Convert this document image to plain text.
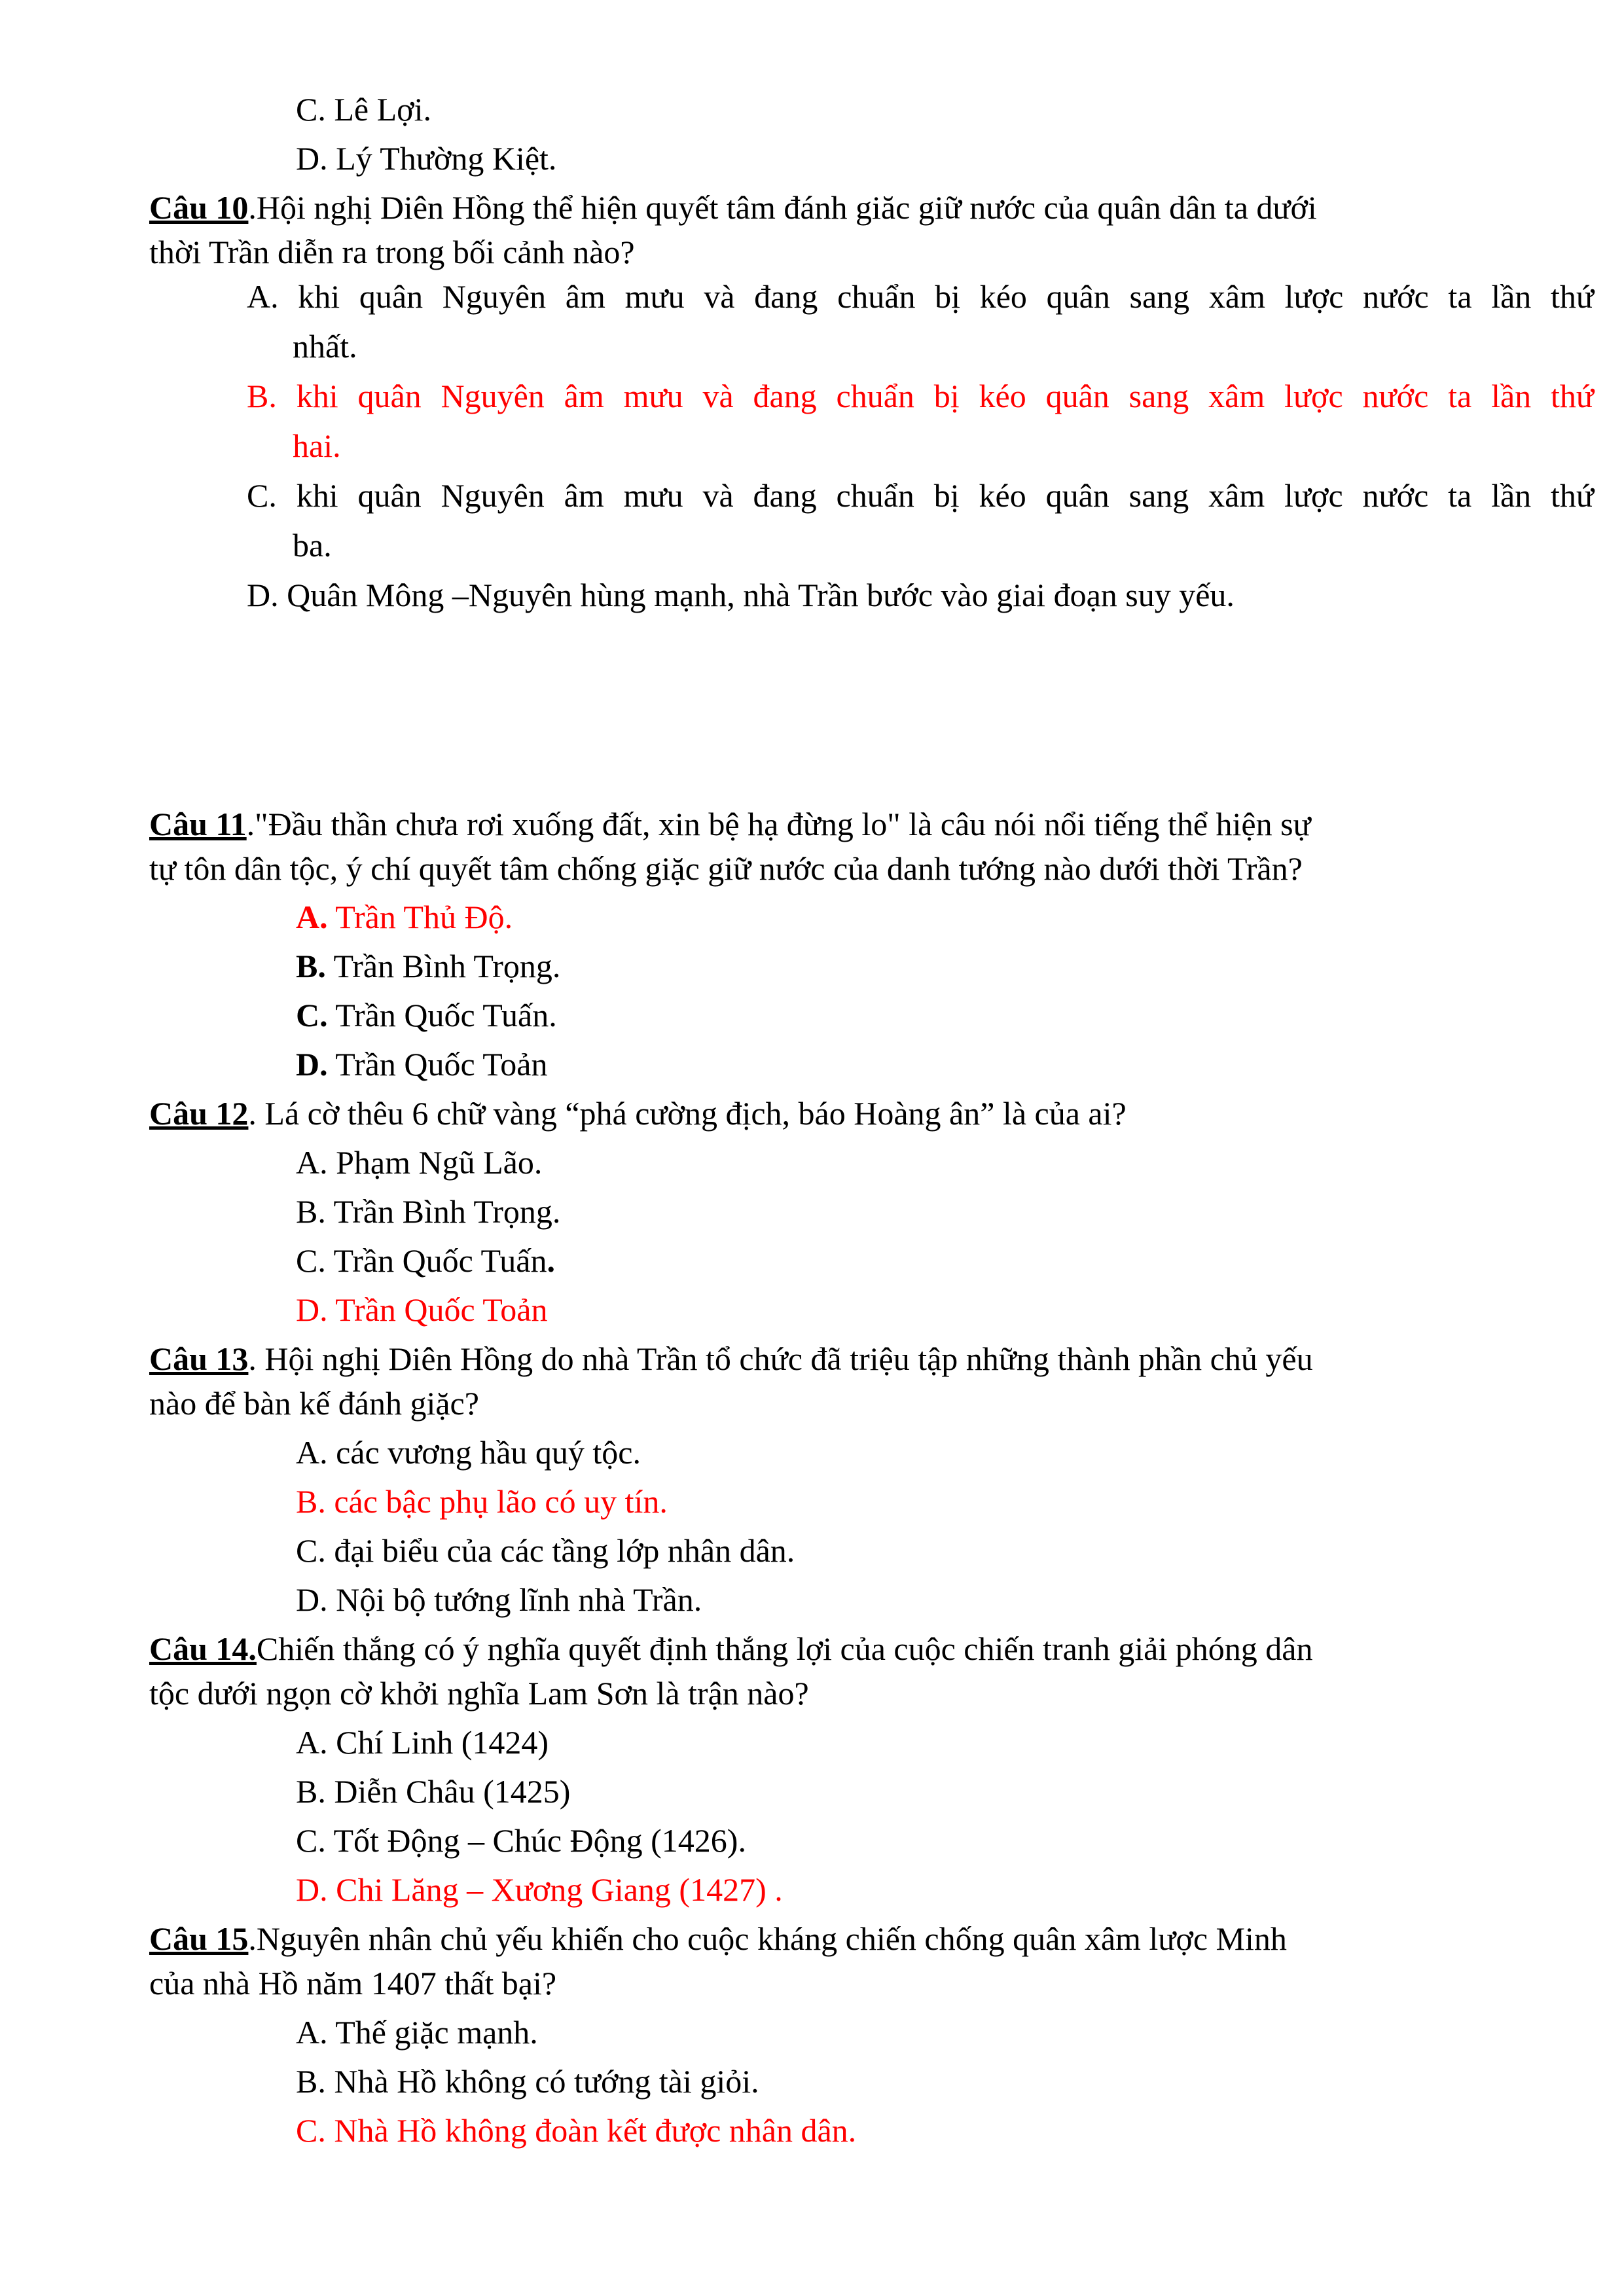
C. Lê Lợi.
D. Lý Thường Kiệt.
Câu 10.Hội nghị Diên Hồng thể hiện quyết tâm đánh giăc giữ nước của quân dân ta dưới
thời Trần diễn ra trong bối cảnh nào?
A. khi quân Nguyên âm mưu và đang chuẩn bị kéo quân sang xâm lược nước ta lần thứ
nhất.
B. khi quân Nguyên âm mưu và đang chuẩn bị kéo quân sang xâm lược nước ta lần thứ
hai.
C. khi quân Nguyên âm mưu và đang chuẩn bị kéo quân sang xâm lược nước ta lần thứ
ba.
D. Quân Mông –Nguyên hùng mạnh, nhà Trần bước vào giai đoạn suy yếu.
Câu 11."Đầu thần chưa rơi xuống đất, xin bệ hạ đừng lo" là câu nói nổi tiếng thể hiện sự
tự tôn dân tộc, ý chí quyết tâm chống giặc giữ nước của danh tướng nào dưới thời Trần?
A. Trần Thủ Độ.
B. Trần Bình Trọng.
C. Trần Quốc Tuấn.
D. Trần Quốc Toản
Câu 12. Lá cờ thêu 6 chữ vàng “phá cường địch, báo Hoàng ân” là của ai?
A. Phạm Ngũ Lão.
B. Trần Bình Trọng.
C. Trần Quốc Tuấn.
D. Trần Quốc Toản
Câu 13. Hội nghị Diên Hồng do nhà Trần tổ chức đã triệu tập những thành phần chủ yếu
nào để bàn kế đánh giặc?
A. các vương hầu quý tộc.
B. các bậc phụ lão có uy tín.
C. đại biểu của các tầng lớp nhân dân.
D. Nội bộ tướng lĩnh nhà Trần.
Câu 14.Chiến thắng có ý nghĩa quyết định thắng lợi của cuộc chiến tranh giải phóng dân
tộc dưới ngọn cờ khởi nghĩa Lam Sơn là trận nào?
A. Chí Linh (1424)
B. Diễn Châu (1425)
C. Tốt Động – Chúc Động (1426).
D. Chi Lăng – Xương Giang (1427) .
Câu 15.Nguyên nhân chủ yếu khiến cho cuộc kháng chiến chống quân xâm lược Minh
của nhà Hồ năm 1407 thất bại?
A. Thế giặc mạnh.
B. Nhà Hồ không có tướng tài giỏi.
C. Nhà Hồ không đoàn kết được nhân dân.
